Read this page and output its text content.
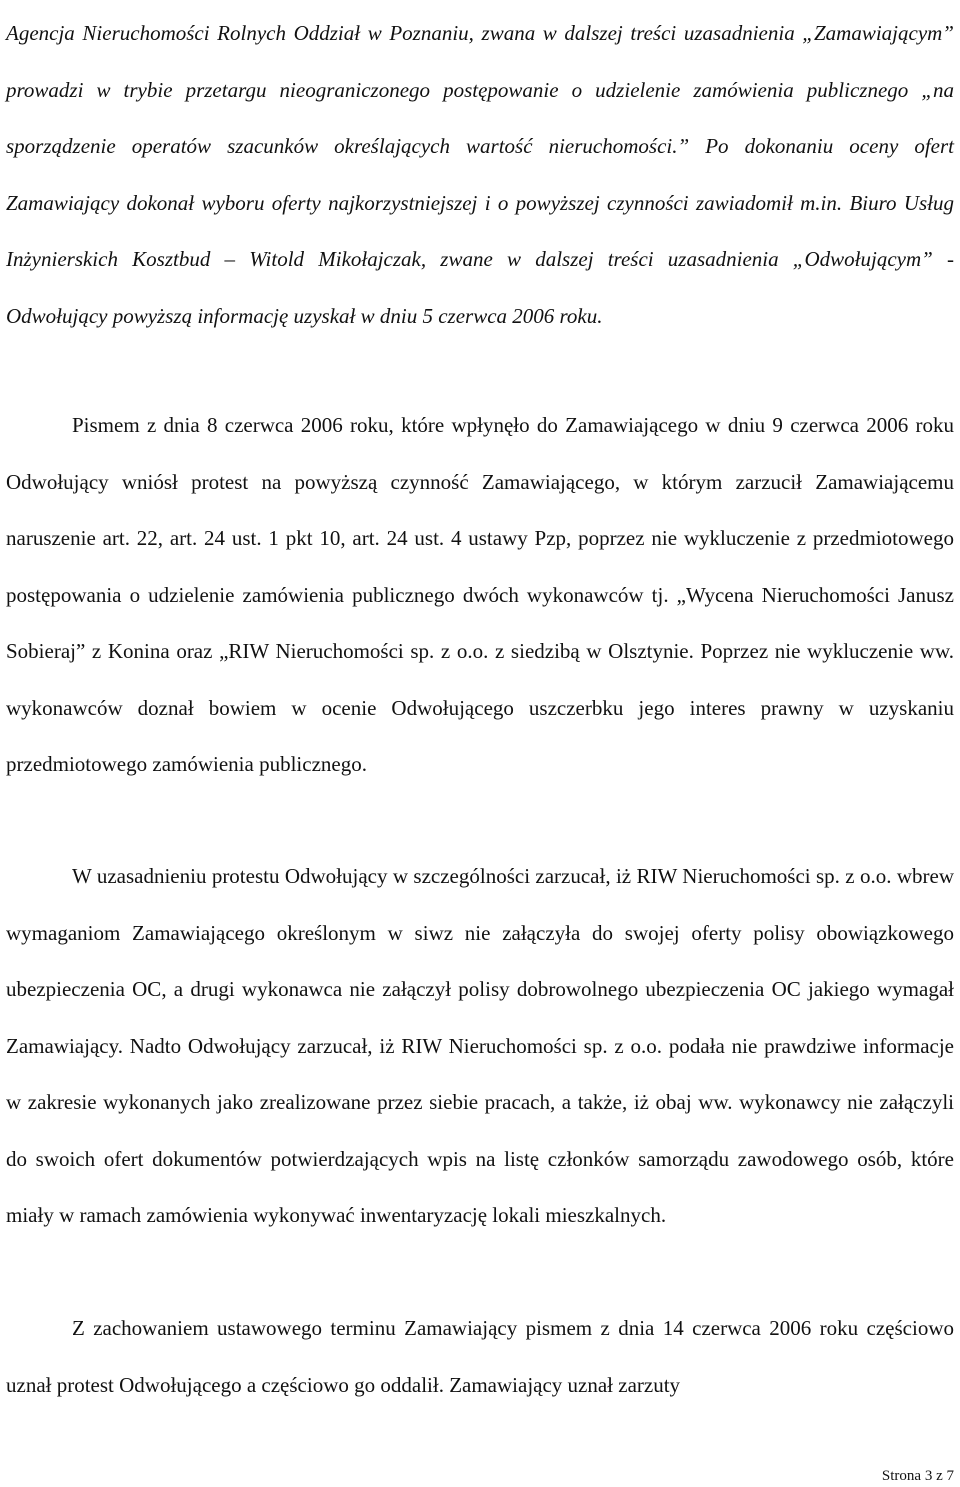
Agencja Nieruchomości Rolnych Oddział w Poznaniu, zwana w dalszej treści uzasadnienia „Zamawiającym” prowadzi w trybie przetargu nieograniczonego postępowanie o udzielenie zamówienia publicznego „na sporządzenie operatów szacunków określających wartość nieruchomości.” Po dokonaniu oceny ofert Zamawiający dokonał wyboru oferty najkorzystniejszej i o powyższej czynności zawiadomił m.in. Biuro Usług Inżynierskich Kosztbud – Witold Mikołajczak, zwane w dalszej treści uzasadnienia „Odwołującym” - Odwołujący powyższą informację uzyskał w dniu 5 czerwca 2006 roku.

Pismem z dnia 8 czerwca 2006 roku, które wpłynęło do Zamawiającego w dniu 9 czerwca 2006 roku Odwołujący wniósł protest na powyższą czynność Zamawiającego, w którym zarzucił Zamawiającemu naruszenie art. 22, art. 24 ust. 1 pkt 10, art. 24 ust. 4 ustawy Pzp, poprzez nie wykluczenie z przedmiotowego postępowania o udzielenie zamówienia publicznego dwóch wykonawców tj. „Wycena Nieruchomości Janusz Sobieraj” z Konina oraz „RIW Nieruchomości sp. z o.o. z siedzibą w Olsztynie. Poprzez nie wykluczenie ww. wykonawców doznał bowiem w ocenie Odwołującego uszczerbku jego interes prawny w uzyskaniu przedmiotowego zamówienia publicznego.

W uzasadnieniu protestu Odwołujący w szczególności zarzucał, iż RIW Nieruchomości sp. z o.o. wbrew wymaganiom Zamawiającego określonym w siwz nie załączyła do swojej oferty polisy obowiązkowego ubezpieczenia OC, a drugi wykonawca nie załączył polisy dobrowolnego ubezpieczenia OC jakiego wymagał Zamawiający. Nadto Odwołujący zarzucał, iż RIW Nieruchomości sp. z o.o. podała nie prawdziwe informacje w zakresie wykonanych jako zrealizowane przez siebie pracach, a także, iż obaj ww. wykonawcy nie załączyli do swoich ofert dokumentów potwierdzających wpis na listę członków samorządu zawodowego osób, które miały w ramach zamówienia wykonywać inwentaryzację lokali mieszkalnych.

Z zachowaniem ustawowego terminu Zamawiający pismem z dnia 14 czerwca 2006 roku częściowo uznał protest Odwołującego a częściowo go oddalił. Zamawiający uznał zarzuty

Strona 3 z 7
